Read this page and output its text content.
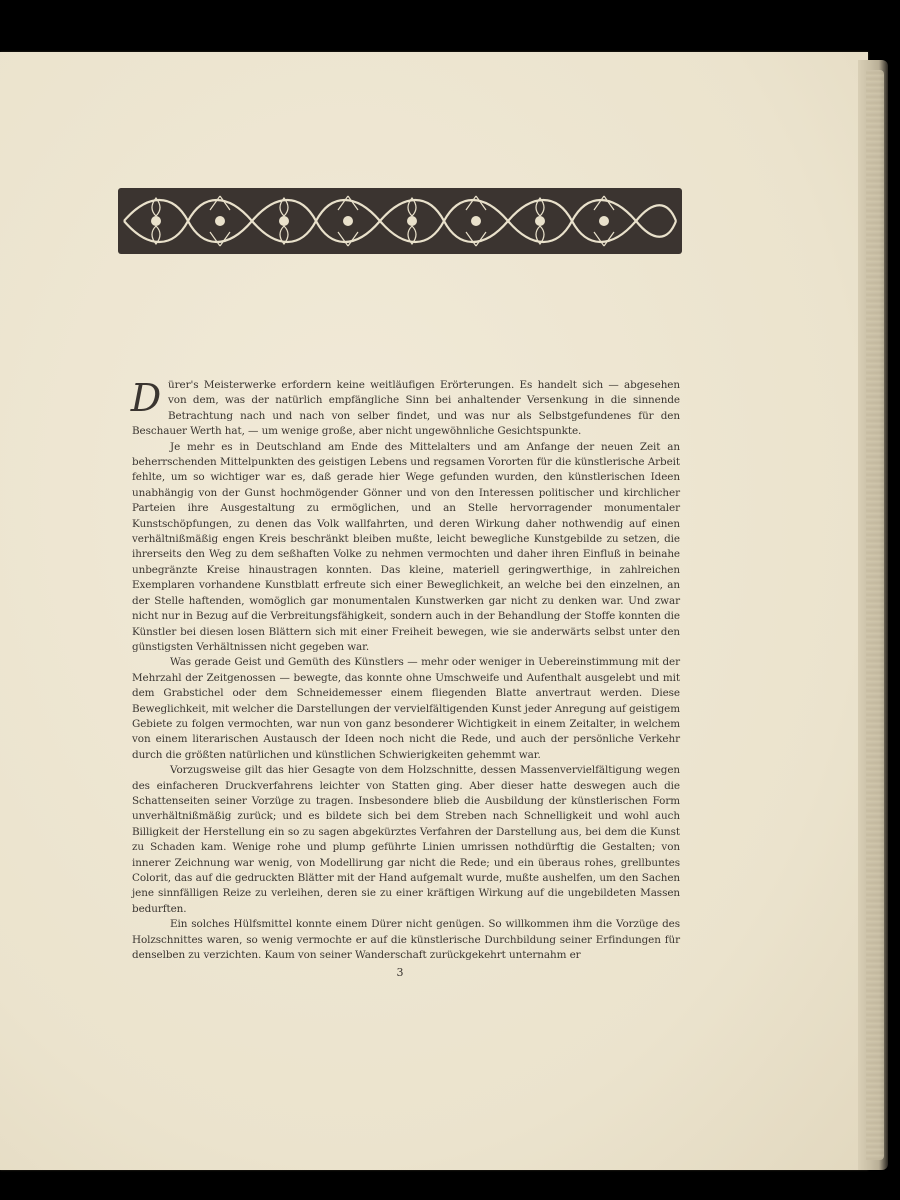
Dürer's Meisterwerke erfordern keine weitläufigen Erörterungen. Es handelt sich — abgesehen von dem, was der natürlich empfängliche Sinn bei anhaltender Versenkung in die sinnende Betrachtung nach und nach von selber findet, und was nur als Selbstgefundenes für den Beschauer Werth hat, — um wenige große, aber nicht ungewöhnliche Gesichtspunkte.

Je mehr es in Deutschland am Ende des Mittelalters und am Anfange der neuen Zeit an beherrschenden Mittelpunkten des geistigen Lebens und regsamen Vororten für die künstlerische Arbeit fehlte, um so wichtiger war es, daß gerade hier Wege gefunden wurden, den künstlerischen Ideen unabhängig von der Gunst hochmögender Gönner und von den Interessen politischer und kirchlicher Parteien ihre Ausgestaltung zu ermöglichen, und an Stelle hervorragender monumentaler Kunstschöpfungen, zu denen das Volk wallfahrten, und deren Wirkung daher nothwendig auf einen verhältnißmäßig engen Kreis beschränkt bleiben mußte, leicht bewegliche Kunstgebilde zu setzen, die ihrerseits den Weg zu dem seßhaften Volke zu nehmen vermochten und daher ihren Einfluß in beinahe unbegränzte Kreise hinaustragen konnten. Das kleine, materiell geringwerthige, in zahlreichen Exemplaren vorhandene Kunstblatt erfreute sich einer Beweglichkeit, an welche bei den einzelnen, an der Stelle haftenden, womöglich gar monumentalen Kunstwerken gar nicht zu denken war. Und zwar nicht nur in Bezug auf die Verbreitungsfähigkeit, sondern auch in der Behandlung der Stoffe konnten die Künstler bei diesen losen Blättern sich mit einer Freiheit bewegen, wie sie anderwärts selbst unter den günstigsten Verhältnissen nicht gegeben war.

Was gerade Geist und Gemüth des Künstlers — mehr oder weniger in Uebereinstimmung mit der Mehrzahl der Zeitgenossen — bewegte, das konnte ohne Umschweife und Aufenthalt ausgelebt und mit dem Grabstichel oder dem Schneidemesser einem fliegenden Blatte anvertraut werden. Diese Beweglichkeit, mit welcher die Darstellungen der vervielfältigenden Kunst jeder Anregung auf geistigem Gebiete zu folgen vermochten, war nun von ganz besonderer Wichtigkeit in einem Zeitalter, in welchem von einem literarischen Austausch der Ideen noch nicht die Rede, und auch der persönliche Verkehr durch die größten natürlichen und künstlichen Schwierigkeiten gehemmt war.

Vorzugsweise gilt das hier Gesagte von dem Holzschnitte, dessen Massenvervielfältigung wegen des einfacheren Druckverfahrens leichter von Statten ging. Aber dieser hatte deswegen auch die Schattenseiten seiner Vorzüge zu tragen. Insbesondere blieb die Ausbildung der künstlerischen Form unverhältnißmäßig zurück; und es bildete sich bei dem Streben nach Schnelligkeit und wohl auch Billigkeit der Herstellung ein so zu sagen abgekürztes Verfahren der Darstellung aus, bei dem die Kunst zu Schaden kam. Wenige rohe und plump geführte Linien umrissen nothdürftig die Gestalten; von innerer Zeichnung war wenig, von Modellirung gar nicht die Rede; und ein überaus rohes, grellbuntes Colorit, das auf die gedruckten Blätter mit der Hand aufgemalt wurde, mußte aushelfen, um den Sachen jene sinnfälligen Reize zu verleihen, deren sie zu einer kräftigen Wirkung auf die ungebildeten Massen bedurften.

Ein solches Hülfsmittel konnte einem Dürer nicht genügen. So willkommen ihm die Vorzüge des Holzschnittes waren, so wenig vermochte er auf die künstlerische Durchbildung seiner Erfindungen für denselben zu verzichten. Kaum von seiner Wanderschaft zurückgekehrt unternahm er

3
